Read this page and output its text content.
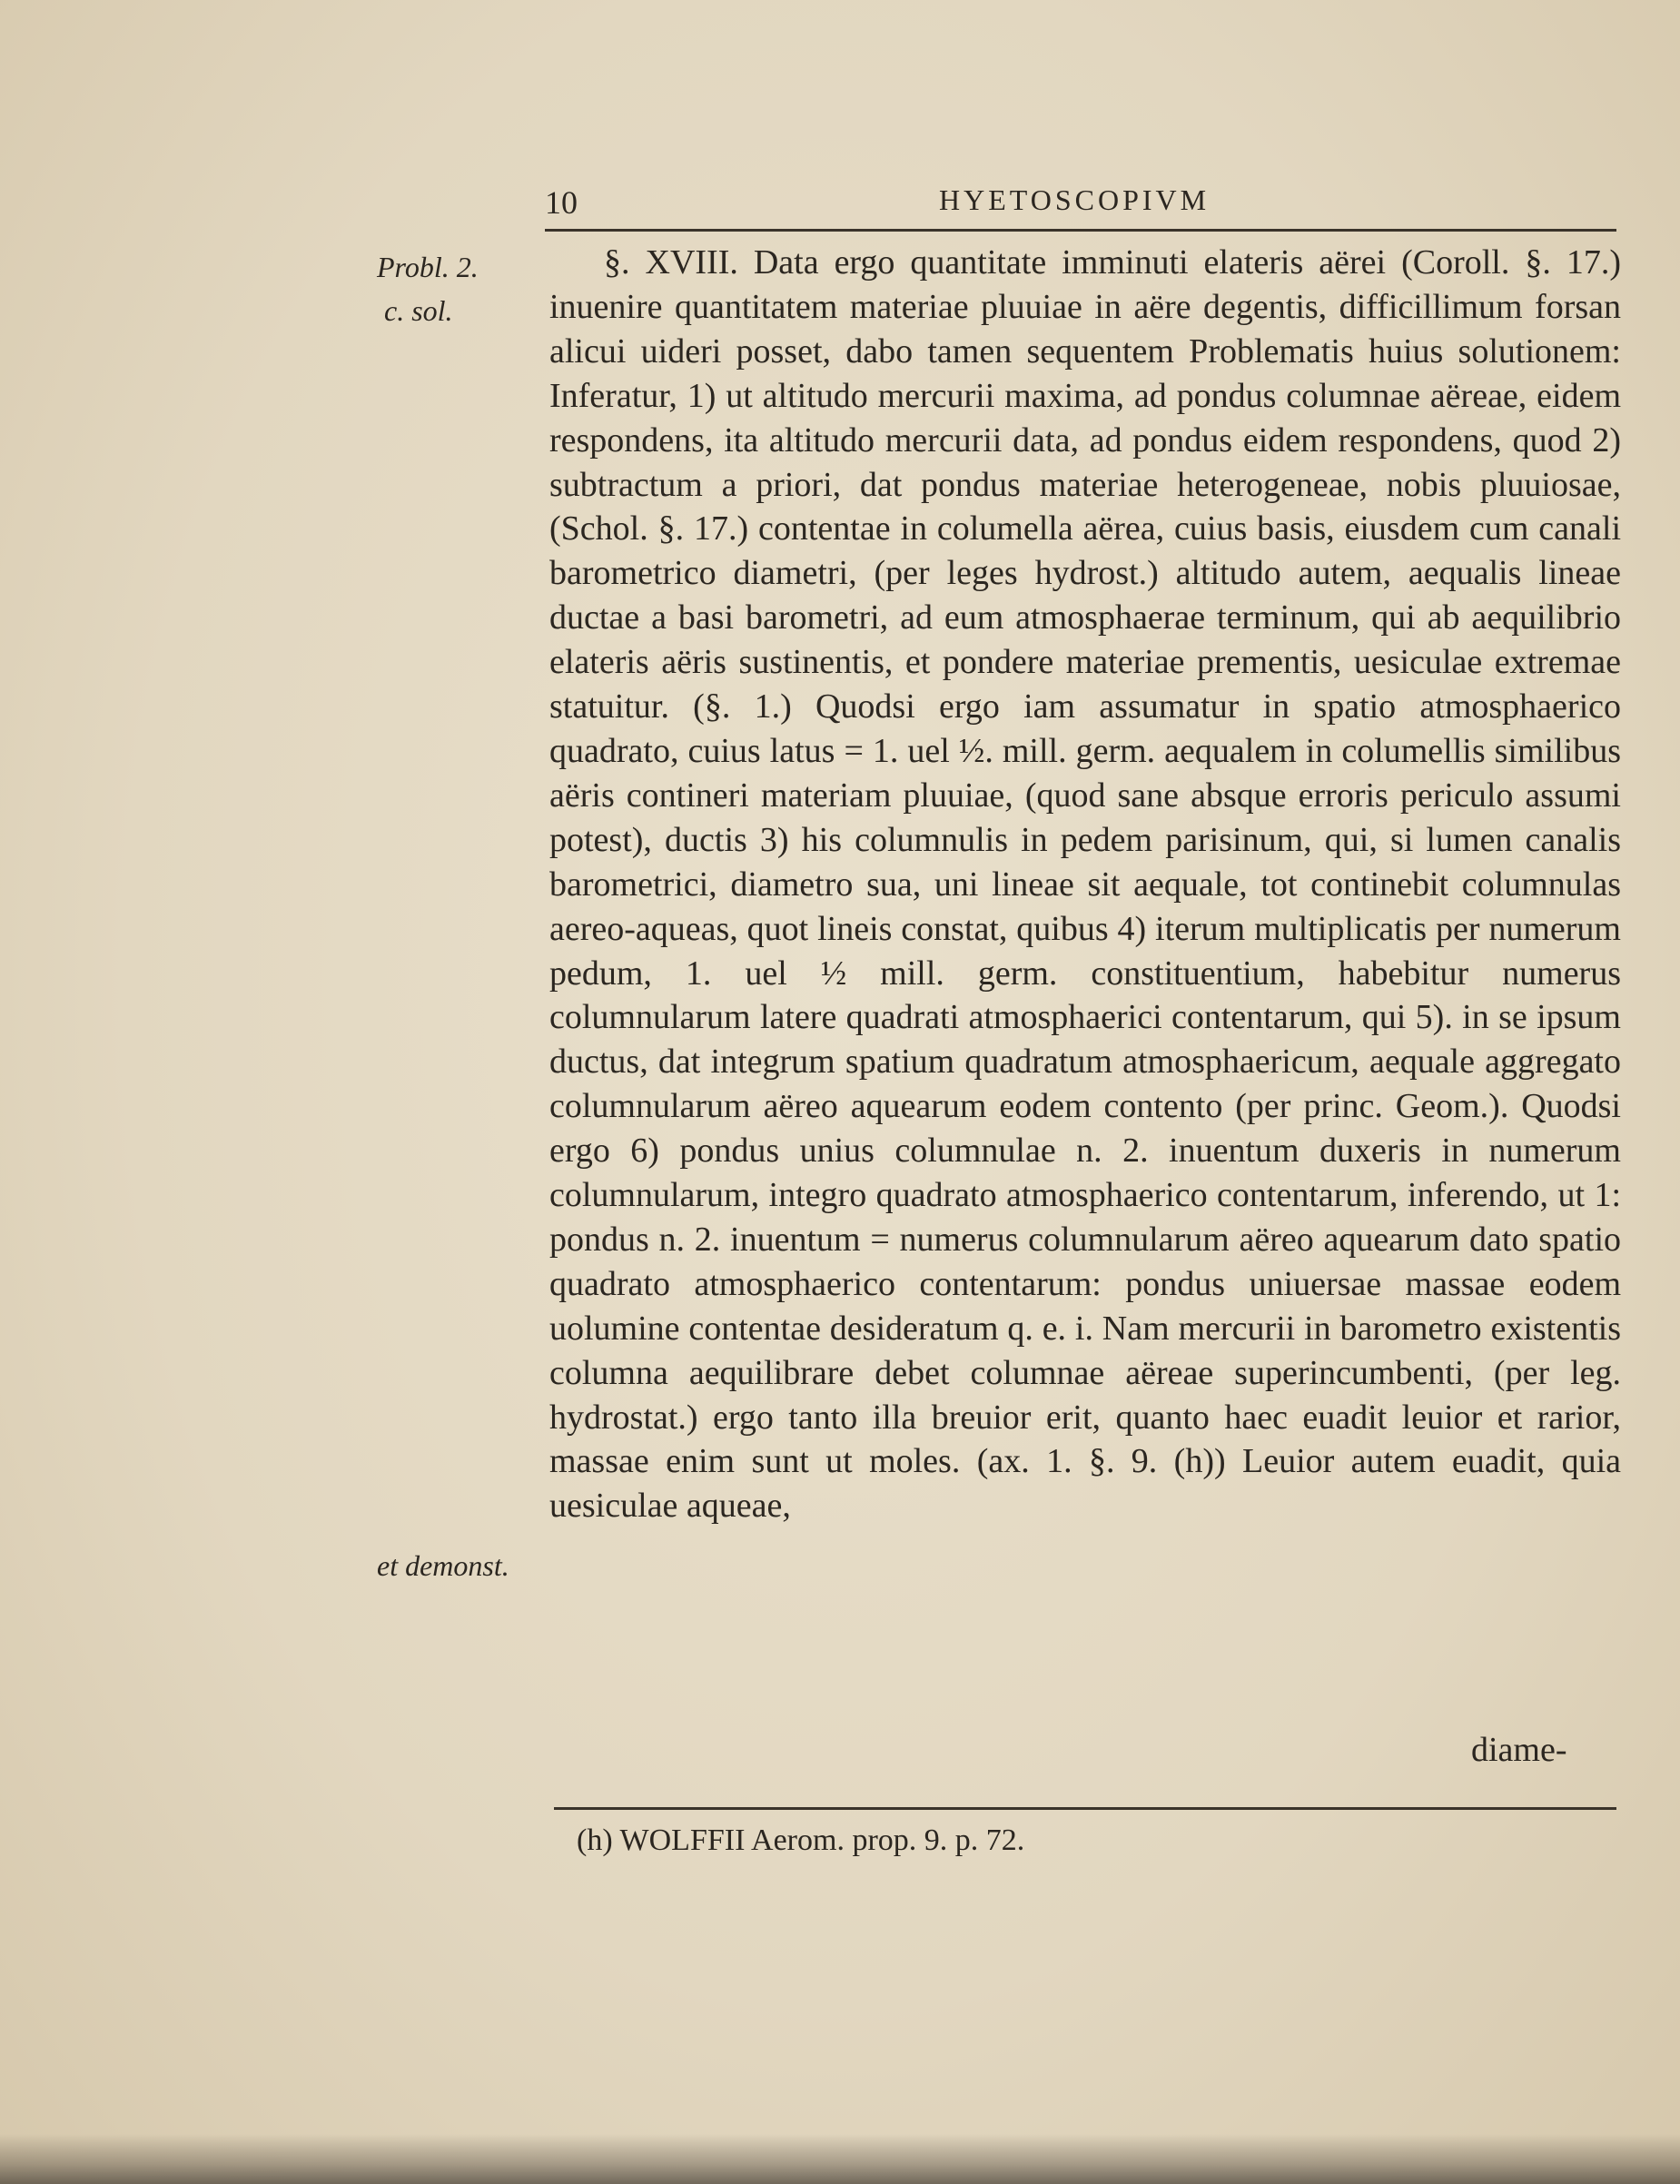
10	HYETOSCOPIVM
Probl. 2.
c. sol.
et demonst.

§. XVIII. Data ergo quantitate imminuti elateris aërei (Coroll. §. 17.) inuenire quantitatem materiae pluuiae in aëre degentis, difficillimum forsan alicui uideri posset, dabo tamen sequentem Problematis huius solutionem: Inferatur, 1) ut altitudo mercurii maxima, ad pondus columnae aëreae, eidem respondens, ita altitudo mercurii data, ad pondus eidem respondens, quod 2) subtractum a priori, dat pondus materiae heterogeneae, nobis pluuiosae, (Schol. §. 17.) contentae in columella aërea, cuius basis, eiusdem cum canali barometrico diametri, (per leges hydrost.) altitudo autem, aequalis lineae ductae a basi barometri, ad eum atmosphaerae terminum, qui ab aequilibrio elateris aëris sustinentis, et pondere materiae prementis, uesiculae extremae statuitur. (§. 1.) Quodsi ergo iam assumatur in spatio atmosphaerico quadrato, cuius latus = 1. uel ½. mill. germ. aequalem in columellis similibus aëris contineri materiam pluuiae, (quod sane absque erroris periculo assumi potest), ductis 3) his columnulis in pedem parisinum, qui, si lumen canalis barometrici, diametro sua, uni lineae sit aequale, tot continebit columnulas aereo-aqueas, quot lineis constat, quibus 4) iterum multiplicatis per numerum pedum, 1. uel ½ mill. germ. constituentium, habebitur numerus columnularum latere quadrati atmosphaerici contentarum, qui 5). in se ipsum ductus, dat integrum spatium quadratum atmosphaericum, aequale aggregato columnularum aëreo aquearum eodem contento (per princ. Geom.). Quodsi ergo 6) pondus unius columnulae n. 2. inuentum duxeris in numerum columnularum, integro quadrato atmosphaerico contentarum, inferendo, ut 1: pondus n. 2. inuentum = numerus columnularum aëreo aquearum dato spatio quadrato atmosphaerico contentarum: pondus uniuersae massae eodem uolumine contentae desideratum q. e. i. Nam mercurii in barometro existentis columna aequilibrare debet columnae aëreae superincumbenti, (per leg. hydrostat.) ergo tanto illa breuior erit, quanto haec euadit leuior et rarior, massae enim sunt ut moles. (ax. 1. §. 9. (h)) Leuior autem euadit, quia uesiculae aqueae,

diame-
(h) WOLFFII Aerom. prop. 9. p. 72.
